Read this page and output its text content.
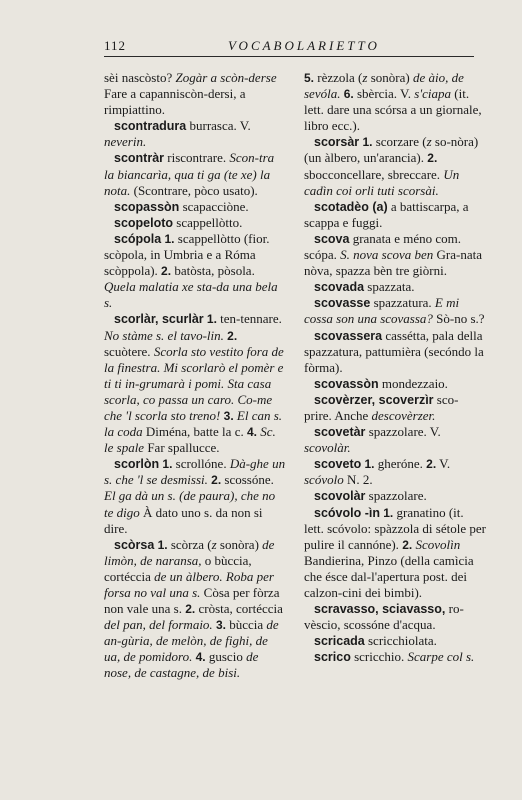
112	VOCABOLARIETTO

sèi nascòsto? Zogàr a scòn-derse Fare a capanniscòn-dersi, a rimpiattino.

scontradura burrasca. V. neverin.

scontràr riscontrare. Scon-tra la biancarìa, qua ti ga (te xe) la nota. (Scontrare, pòco usato).

scopassòn scapacciòne.

scopeloto scappellòtto.

scópola 1. scappellòtto (fior. scòpola, in Umbria e a Róma scòppola). 2. batòsta, pòsola. Quela malatia xe sta-da una bela s.

scorlàr, scurlàr 1. ten-tennare. No stàme s. el tavo-lin. 2. scuòtere. Scorla sto vestito fora de la finestra. Mi scorlarò el pomèr e ti ti in-grumarà i pomi. Sta casa scorla, co passa un caro. Co-me che 'l scorla sto treno! 3. El can s. la coda Diména, batte la c. 4. Sc. le spale Far spallucce.

scorlòn 1. scrollóne. Dà-ghe un s. che 'l se desmissi. 2. scossóne. El ga dà un s. (de paura), che no te digo À dato uno s. da non si dire.

scòrsa 1. scòrza (z sonòra) de limòn, de naransa, o bùccia, cortéccia de un àlbero. Roba per forsa no val una s. Còsa per fòrza non vale una s. 2. cròsta, cortéccia del pan, del formaio. 3. bùccia de an-gùria, de melòn, de fighi, de ua, de pomidoro. 4. guscio de nose, de castagne, de bisi.

5. rèzzola (z sonòra) de àio, de sevóla. 6. sbèrcia. V. s'ciapa (it. lett. dare una scórsa a un giornale, libro ecc.).

scorsàr 1. scorzare (z so-nòra) (un àlbero, un'arancia). 2. sbocconcellare, sbreccare. Un cadìn coi orli tuti scorsài.

scotadèo (a) a battiscarpa, a scappa e fuggi.

scova granata e méno com. scópa. S. nova scova ben Gra-nata nòva, spazza bèn tre giòrni.

scovada spazzata.

scovasse spazzatura. E mi cossa son una scovassa? Sò-no s.?

scovassera cassétta, pala della spazzatura, pattumièra (secóndo la fòrma).

scovassòn mondezzaio.

scovèrzer, scoverzìr sco-prire. Anche descovèrzer.

scovetàr spazzolare. V. scovolàr.

scoveto 1. gheróne. 2. V. scóvolo N. 2.

scovolàr spazzolare.

scóvolo -ìn 1. granatino (it. lett. scóvolo: spàzzola di sétole per pulire il cannóne). 2. Scovolìn Bandierina, Pinzo (della camìcia che ésce dal-l'apertura post. dei calzon-cini dei bimbi).

scravasso, sciavasso, ro-vèscio, scossóne d'acqua.

scricada scricchiolata.

scrico scricchio. Scarpe col s.
